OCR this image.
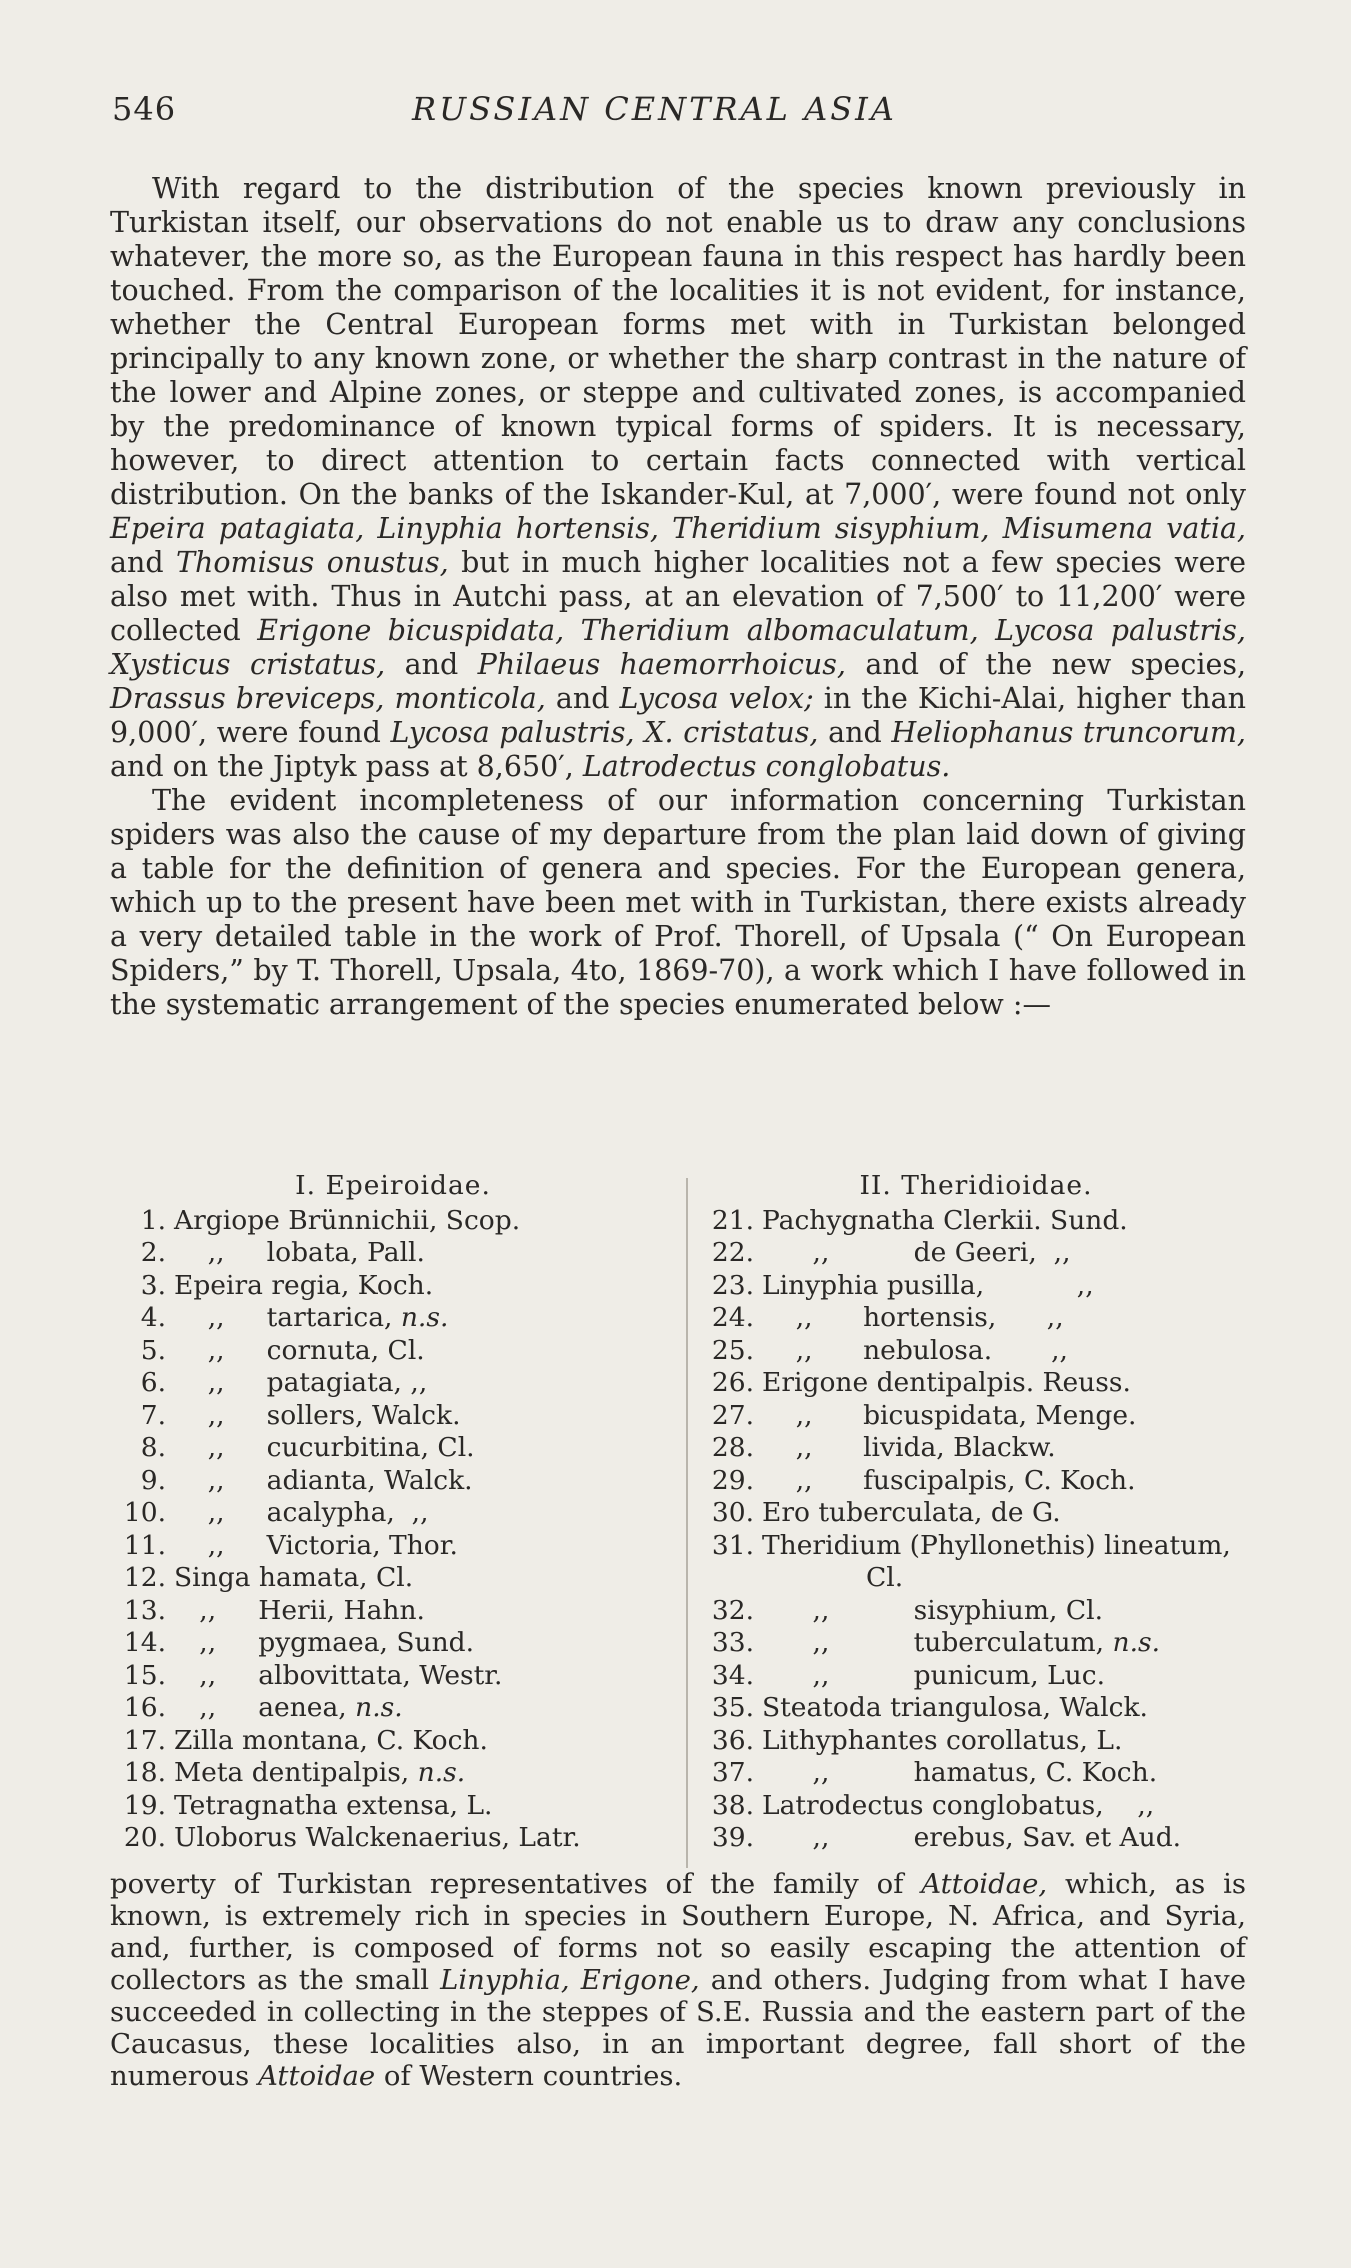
546	RUSSIAN CENTRAL ASIA

With regard to the distribution of the species known previously in Turkistan itself, our observations do not enable us to draw any conclusions whatever, the more so, as the European fauna in this respect has hardly been touched. From the comparison of the localities it is not evident, for instance, whether the Central European forms met with in Turkistan belonged principally to any known zone, or whether the sharp contrast in the nature of the lower and Alpine zones, or steppe and cultivated zones, is accompanied by the predominance of known typical forms of spiders. It is necessary, however, to direct attention to certain facts connected with vertical distribution. On the banks of the Iskander-Kul, at 7,000′, were found not only Epeira patagiata, Linyphia hortensis, Theridium sisyphium, Misumena vatia, and Thomisus onustus, but in much higher localities not a few species were also met with. Thus in Autchi pass, at an elevation of 7,500′ to 11,200′ were collected Erigone bicuspidata, Theridium albomaculatum, Lycosa palustris, Xysticus cristatus, and Philaeus haemorrhoicus, and of the new species, Drassus breviceps, monticola, and Lycosa velox; in the Kichi-Alai, higher than 9,000′, were found Lycosa palustris, X. cristatus, and Heliophanus truncorum, and on the Jiptyk pass at 8,650′, Latrodectus conglobatus.

The evident incompleteness of our information concerning Turkistan spiders was also the cause of my departure from the plan laid down of giving a table for the definition of genera and species. For the European genera, which up to the present have been met with in Turkistan, there exists already a very detailed table in the work of Prof. Thorell, of Upsala (“ On European Spiders,” by T. Thorell, Upsala, 4to, 1869-70), a work which I have followed in the systematic arrangement of the species enumerated below :—

I. Epeiroidae.
1. Argiope Brünnichii, Scop.
2. ,,     lobata, Pall.
3. Epeira regia, Koch.
4. ,,     tartarica, n.s.
5. ,,     cornuta, Cl.
6. ,,     patagiata, ,,
7. ,,     sollers, Walck.
8. ,,     cucurbitina, Cl.
9. ,,     adianta, Walck.
10. ,,     acalypha,  ,,
11. ,,     Victoria, Thor.
12. Singa hamata, Cl.
13. ,,     Herii, Hahn.
14. ,,     pygmaea, Sund.
15. ,,     albovittata, Westr.
16. ,,     aenea, n.s.
17. Zilla montana, C. Koch.
18. Meta dentipalpis, n.s.
19. Tetragnatha extensa, L.
20. Uloborus Walckenaerius, Latr.
II. Theridioidae.
21. Pachygnatha Clerkii. Sund.
22. ,,          de Geeri,  ,,
23. Linyphia pusilla,           ,,
24. ,,      hortensis,      ,,
25. ,,      nebulosa.       ,,
26. Erigone dentipalpis. Reuss.
27. ,,      bicuspidata, Menge.
28. ,,      livida, Blackw.
29. ,,      fuscipalpis, C. Koch.
30. Ero tuberculata, de G.
31. Theridium (Phyllonethis) lineatum,
Cl.
32. ,,          sisyphium, Cl.
33. ,,          tuberculatum, n.s.
34. ,,          punicum, Luc.
35. Steatoda triangulosa, Walck.
36. Lithyphantes corollatus, L.
37. ,,          hamatus, C. Koch.
38. Latrodectus conglobatus,    ,,
39. ,,          erebus, Sav. et Aud.

poverty of Turkistan representatives of the family of Attoidae, which, as is known, is extremely rich in species in Southern Europe, N. Africa, and Syria, and, further, is composed of forms not so easily escaping the attention of collectors as the small Linyphia, Erigone, and others. Judging from what I have succeeded in collecting in the steppes of S.E. Russia and the eastern part of the Caucasus, these localities also, in an important degree, fall short of the numerous Attoidae of Western countries.
